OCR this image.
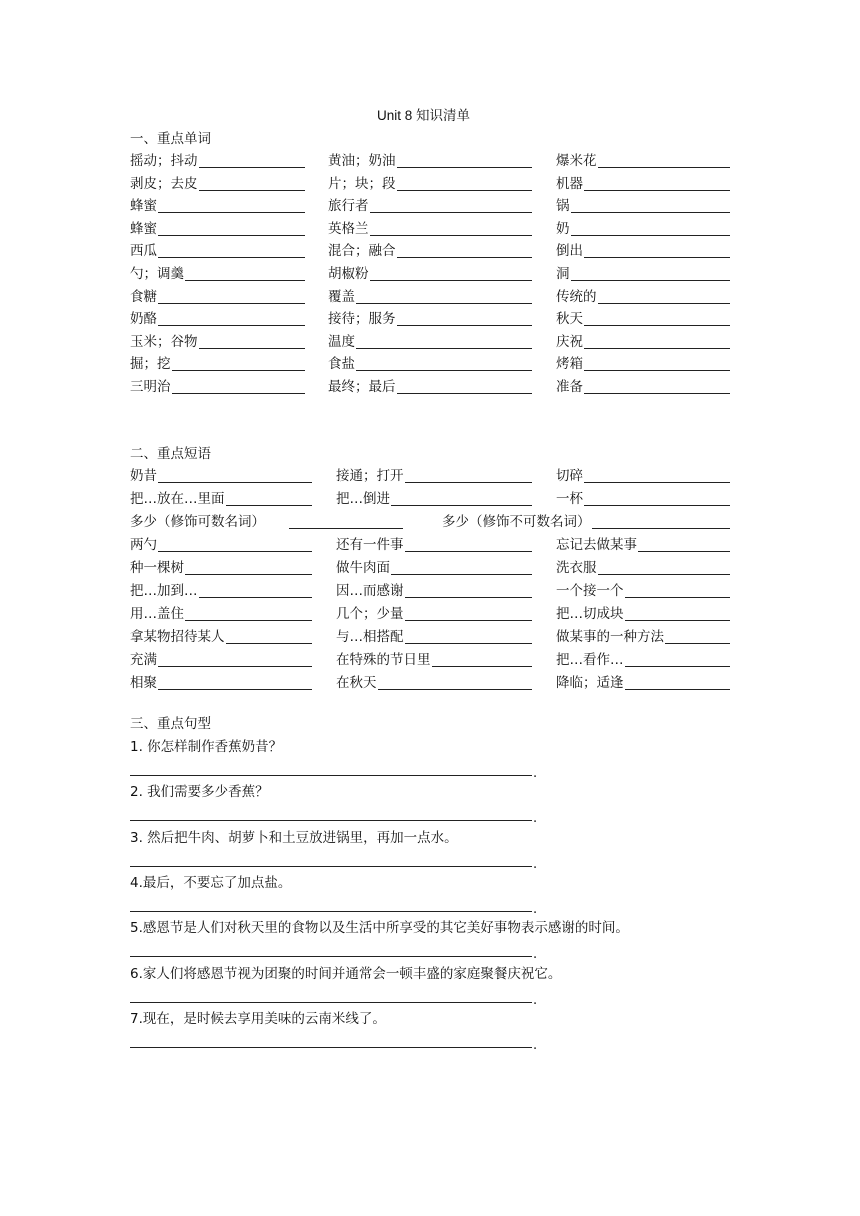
Unit 8 知识清单
一、重点单词
摇动；抖动	黄油；奶油	爆米花
剥皮；去皮	片；块；段	机器
蜂蜜	旅行者	锅
蜂蜜	英格兰	奶
西瓜	混合；融合	倒出
勺；调羹	胡椒粉	洞
食糖	覆盖	传统的
奶酪	接待；服务	秋天
玉米；谷物	温度	庆祝
掘；挖	食盐	烤箱
三明治	最终；最后	准备
二、重点短语
奶昔	接通；打开	切碎
把…放在…里面	把…倒进	一杯
两勺	还有一件事	忘记去做某事
种一棵树	做牛肉面	洗衣服
把…加到…	因…而感谢	一个接一个
用…盖住	几个；少量	把…切成块
拿某物招待某人	与…相搭配	做某事的一种方法
充满	在特殊的节日里	把…看作…
相聚	在秋天	降临；适逢
多少（修饰可数名词）	多少（修饰不可数名词）
三、重点句型
1. 你怎样制作香蕉奶昔？
.
2. 我们需要多少香蕉？
.
3. 然后把牛肉、胡萝卜和土豆放进锅里，再加一点水。
.
4.最后，不要忘了加点盐。
.
5.感恩节是人们对秋天里的食物以及生活中所享受的其它美好事物表示感谢的时间。
.
6.家人们将感恩节视为团聚的时间并通常会一顿丰盛的家庭聚餐庆祝它。
.
7.现在，是时候去享用美味的云南米线了。
.
